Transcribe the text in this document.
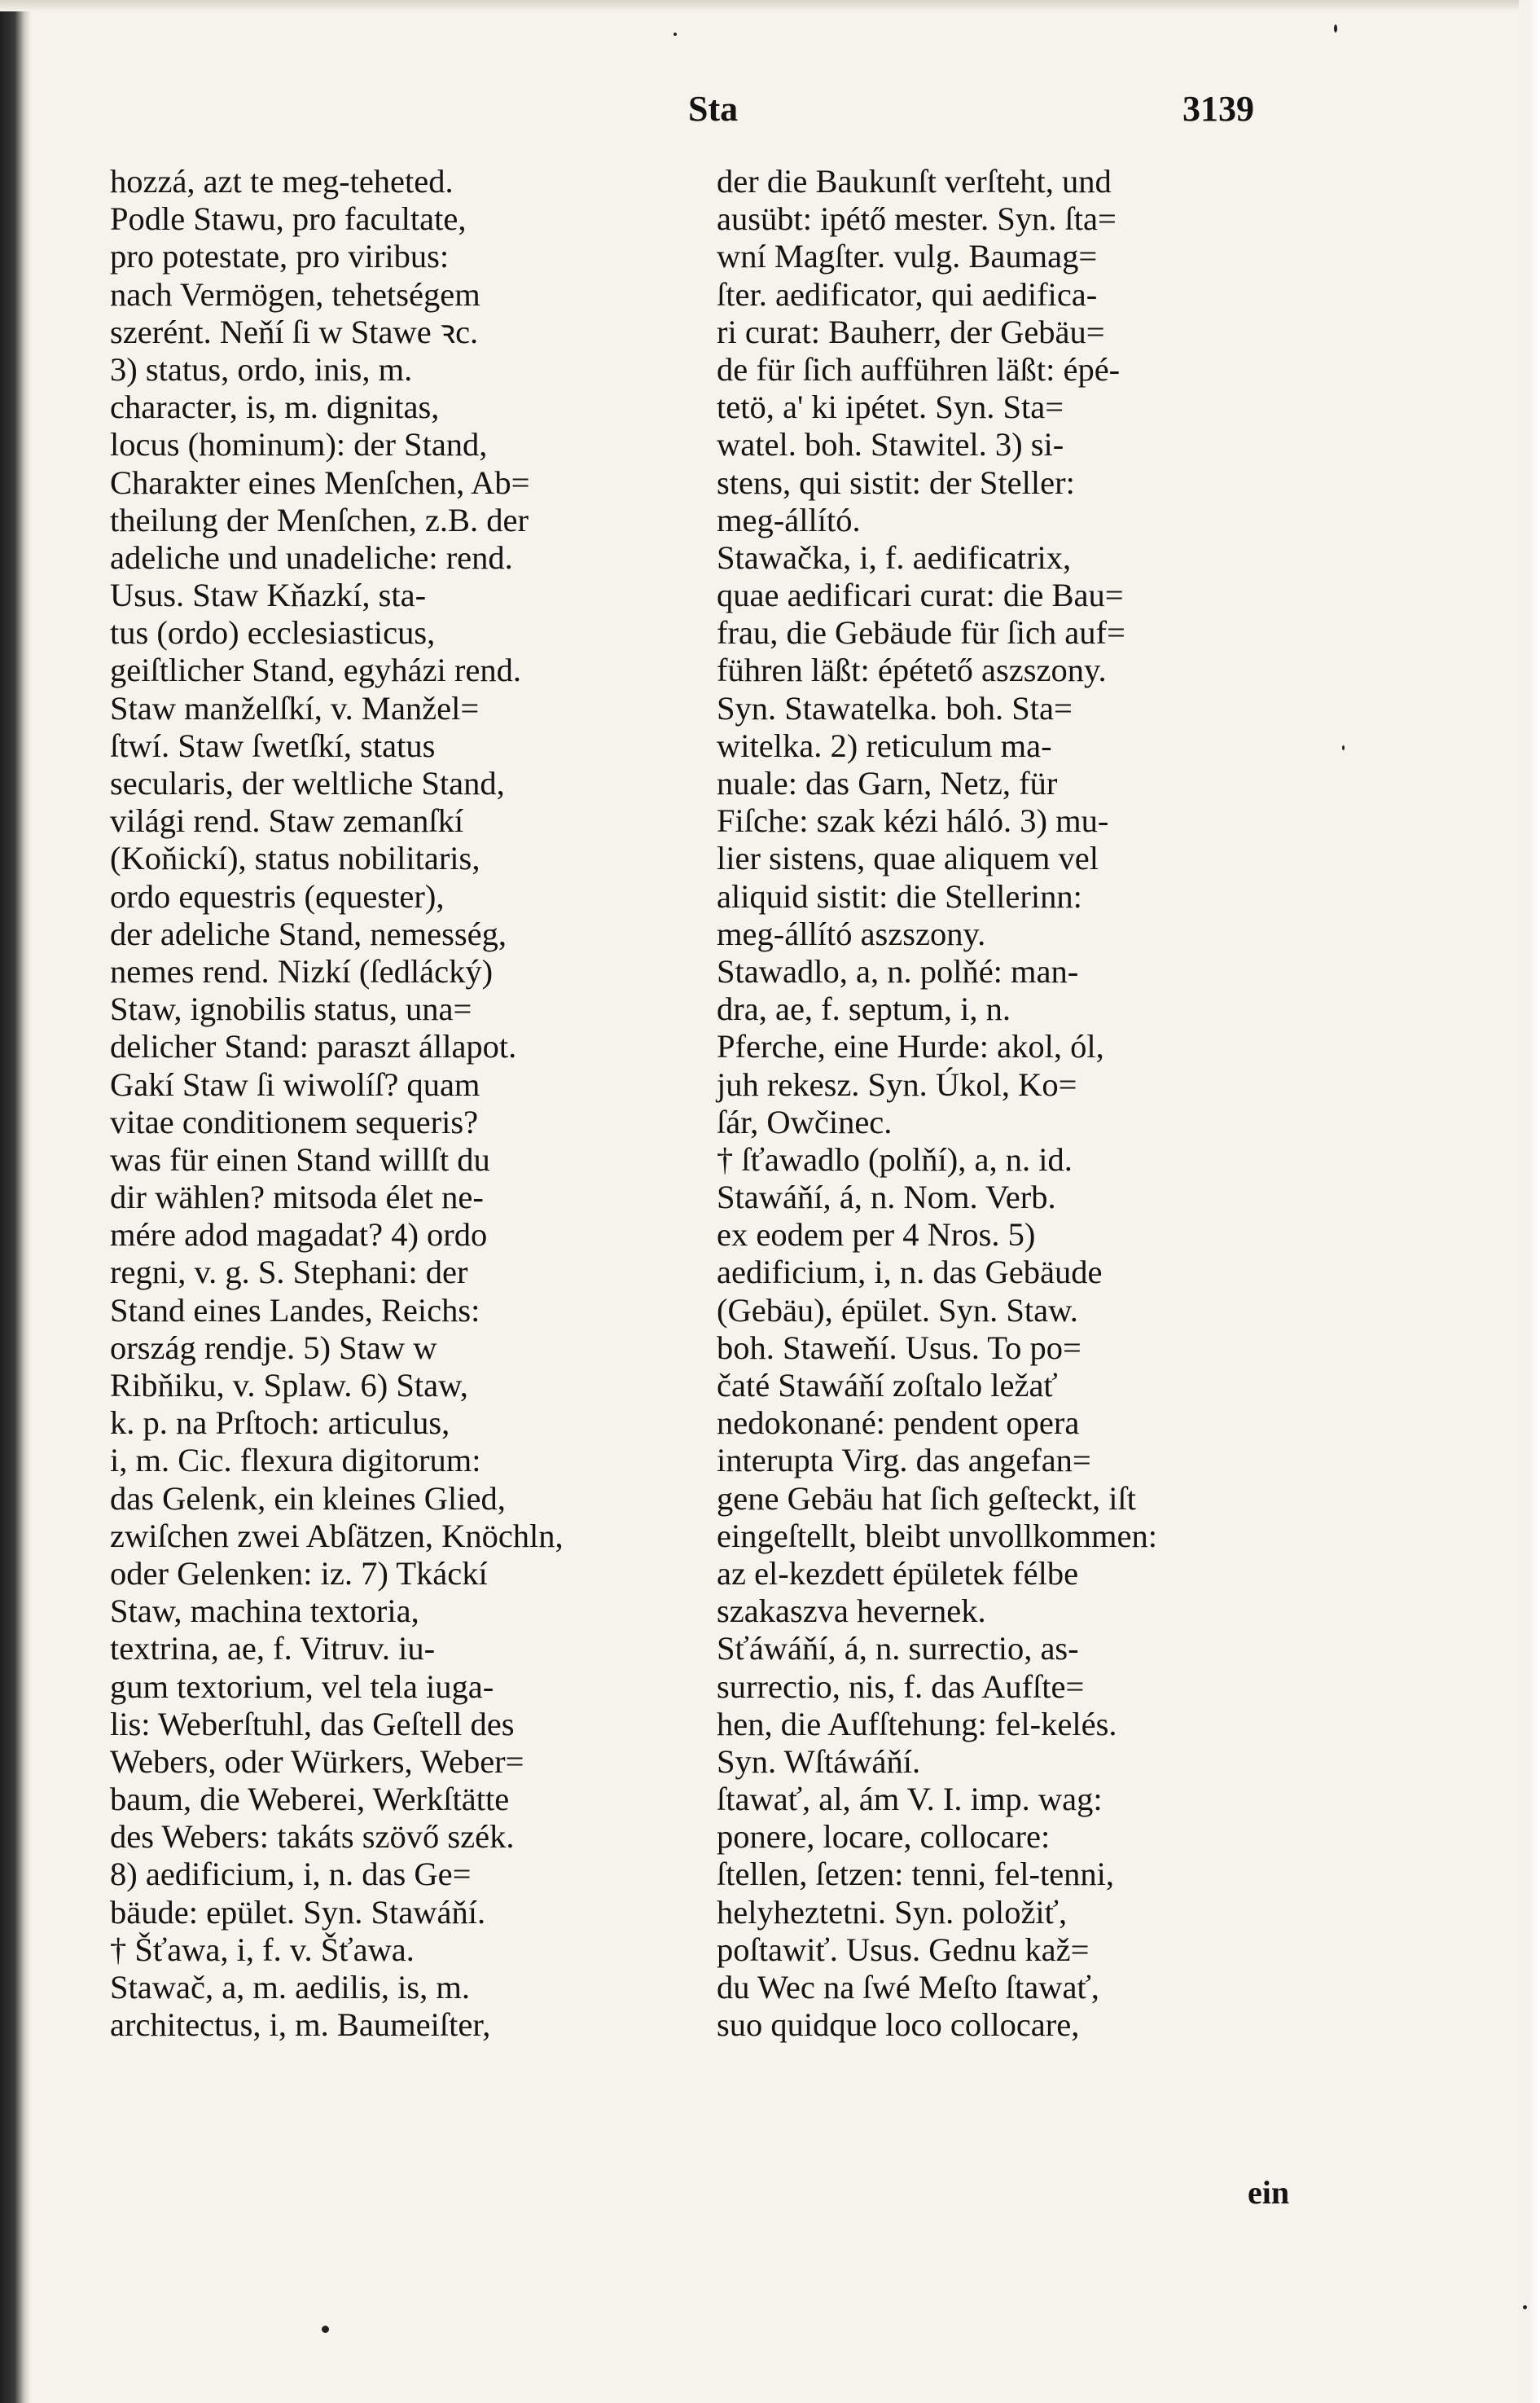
Sta	3139
hozzá, azt te meg-teheted.
Podle Stawu, pro facultate,
pro potestate, pro viribus:
nach Vermögen, tehetségem
szerént. Neňí ſi w Stawe ꝛc.
3) status, ordo, inis, m.
character, is, m. dignitas,
locus (hominum): der Stand,
Charakter eines Menſchen, Ab=
theilung der Menſchen, z.B. der
adeliche und unadeliche: rend.
Usus. Staw Kňazkí, sta-
tus (ordo) ecclesiasticus,
geiſtlicher Stand, egyházi rend.
Staw manželſkí, v. Manžel=
ſtwí. Staw ſwetſkí, status
secularis, der weltliche Stand,
világi rend. Staw zemanſkí
(Koňickí), status nobilitaris,
ordo equestris (equester),
der adeliche Stand, nemesség,
nemes rend. Nizkí (ſedlácký)
Staw, ignobilis status, una=
delicher Stand: paraszt állapot.
Gakí Staw ſi wiwolíſ? quam
vitae conditionem sequeris?
was für einen Stand willſt du
dir wählen? mitsoda élet ne-
mére adod magadat? 4) ordo
regni, v. g. S. Stephani: der
Stand eines Landes, Reichs:
ország rendje. 5) Staw w
Ribňiku, v. Splaw. 6) Staw,
k. p. na Prſtoch: articulus,
i, m. Cic. flexura digitorum:
das Gelenk, ein kleines Glied,
zwiſchen zwei Abſätzen, Knöchln,
oder Gelenken: iz. 7) Tkáckí
Staw, machina textoria,
textrina, ae, f. Vitruv. iu-
gum textorium, vel tela iuga-
lis: Weberſtuhl, das Geſtell des
Webers, oder Würkers, Weber=
baum, die Weberei, Werkſtätte
des Webers: takáts szövő szék.
8) aedificium, i, n. das Ge=
bäude: epület. Syn. Stawáňí.
† Šťawa, i, f. v. Šťawa.
Stawač, a, m. aedilis, is, m.
architectus, i, m. Baumeiſter,
der die Baukunſt verſteht, und
ausübt: ipétő mester. Syn. ſta=
wní Magſter. vulg. Baumag=
ſter. aedificator, qui aedifica-
ri curat: Bauherr, der Gebäu=
de für ſich aufführen läßt: épé-
tetö, a' ki ipétet. Syn. Sta=
watel. boh. Stawitel. 3) si-
stens, qui sistit: der Steller:
meg-állító.
Stawačka, i, f. aedificatrix,
quae aedificari curat: die Bau=
frau, die Gebäude für ſich auf=
führen läßt: épétető aszszony.
Syn. Stawatelka. boh. Sta=
witelka. 2) reticulum ma-
nuale: das Garn, Netz, für
Fiſche: szak kézi háló. 3) mu-
lier sistens, quae aliquem vel
aliquid sistit: die Stellerinn:
meg-állító aszszony.
Stawadlo, a, n. polňé: man-
dra, ae, f. septum, i, n.
Pferche, eine Hurde: akol, ól,
juh rekesz. Syn. Úkol, Ko=
ſár, Owčinec.
† ſťawadlo (polňí), a, n. id.
Stawáňí, á, n. Nom. Verb.
ex eodem per 4 Nros. 5)
aedificium, i, n. das Gebäude
(Gebäu), épület. Syn. Staw.
boh. Staweňí. Usus. To po=
čaté Stawáňí zoſtalo ležať
nedokonané: pendent opera
interupta Virg. das angefan=
gene Gebäu hat ſich geſteckt, iſt
eingeſtellt, bleibt unvollkommen:
az el-kezdett épületek félbe
szakaszva hevernek.
Sťáwáňí, á, n. surrectio, as-
surrectio, nis, f. das Aufſte=
hen, die Aufſtehung: fel-kelés.
Syn. Wſtáwáňí.
ſtawať, al, ám V. I. imp. wag:
ponere, locare, collocare:
ſtellen, ſetzen: tenni, fel-tenni,
helyheztetni. Syn. položiť,
poſtawiť. Usus. Gednu kaž=
du Wec na ſwé Meſto ſtawať,
suo quidque loco collocare,
ein
